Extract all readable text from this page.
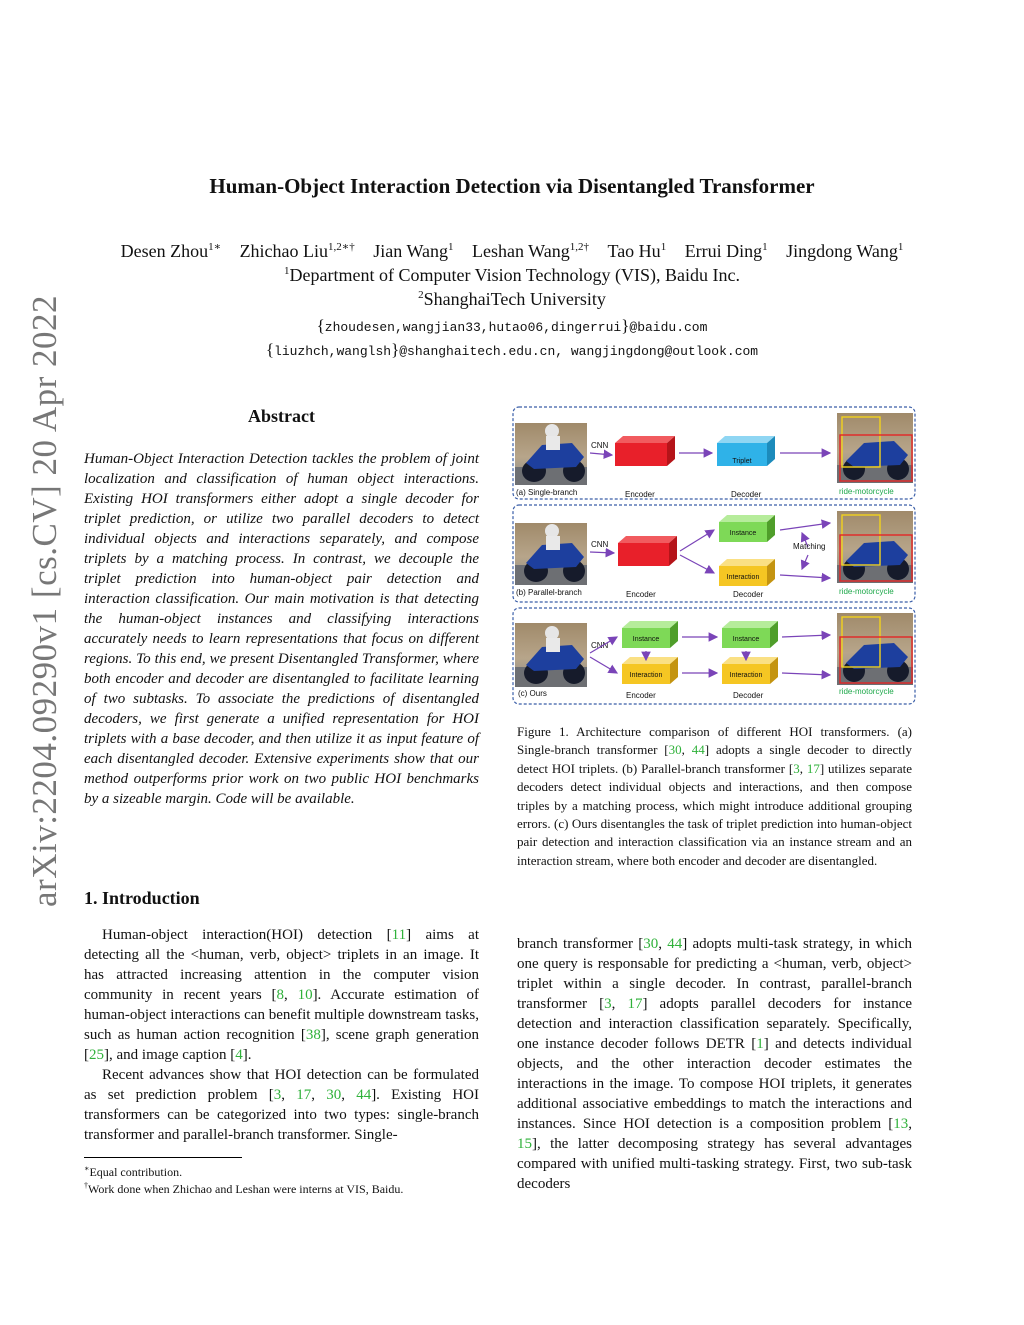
arXiv:2204.09290v1 [cs.CV] 20 Apr 2022
Human-Object Interaction Detection via Disentangled Transformer
Desen Zhou$^{1∗}$ Zhichao Liu$^{1,2∗\dagger}$ Jian Wang$^1$ Leshan Wang$^{1,2\dagger}$ Tao Hu$^1$ Errui Ding$^1$ Jingdong Wang$^1$
$^1$Department of Computer Vision Technology (VIS), Baidu Inc.
$^2$ShanghaiTech University
{zhoudesen,wangjian33,hutao06,dingerrui}@baidu.com
{liuzhch,wanglsh}@shanghaitech.edu.cn, wangjingdong@outlook.com
Abstract
Human-Object Interaction Detection tackles the problem of joint localization and classification of human object interactions. Existing HOI transformers either adopt a single decoder for triplet prediction, or utilize two parallel decoders to detect individual objects and interactions separately, and compose triplets by a matching process. In contrast, we decouple the triplet prediction into human-object pair detection and interaction classification. Our main motivation is that detecting the human-object instances and classifying interactions accurately needs to learn representations that focus on different regions. To this end, we present Disentangled Transformer, where both encoder and decoder are disentangled to facilitate learning of two subtasks. To associate the predictions of disentangled decoders, we first generate a unified representation for HOI triplets with a base decoder, and then utilize it as input feature of each disentangled decoder. Extensive experiments show that our method outperforms prior work on two public HOI benchmarks by a sizeable margin. Code will be available.
1. Introduction

Human-object interaction(HOI) detection [11] aims at detecting all the <human, verb, object> triplets in an image. It has attracted increasing attention in the computer vision community in recent years [8, 10]. Accurate estimation of human-object interactions can benefit multiple downstream tasks, such as human action recognition [38], scene graph generation [25], and image caption [4].

Recent advances show that HOI detection can be formulated as set prediction problem [3, 17, 30, 44]. Existing HOI transformers can be categorized into two types: single-branch transformer and parallel-branch transformer. Single-

∗Equal contribution.
†Work done when Zhichao and Leshan were interns at VIS, Baidu.
branch transformer [30, 44] adopts multi-task strategy, in which one query is responsable for predicting a <human, verb, object> triplet within a single decoder. In contrast, parallel-branch transformer [3, 17] adopts parallel decoders for instance detection and interaction classification separately. Specifically, one instance decoder follows DETR [1] and detects individual objects, and the other interaction decoder estimates the interactions in the image. To compose HOI triplets, it generates additional associative embeddings to match the interactions and instances. Since HOI detection is a composition problem [13, 15], the latter decomposing strategy has several advantages compared with unified multi-tasking strategy. First, two sub-task decoders
Figure 1. Architecture comparison of different HOI transformers. (a) Single-branch transformer [30, 44] adopts a single decoder to directly detect HOI triplets. (b) Parallel-branch transformer [3, 17] utilizes separate decoders detect individual objects and interactions, and then compose triples by a matching process, which might introduce additional grouping errors. (c) Ours disentangles the task of triplet prediction into human-object pair detection and interaction classification via an instance stream and an interaction stream, where both encoder and decoder are disentangled.
CNN
Triplet
(a) Single-branch	Encoder	Decoder	ride-motorcycle
CNN
Instance
Interaction
Matching
(b) Parallel-branch	Encoder	Decoder	ride-motorcycle
CNN
Instance
Interaction
Instance
Interaction
(c) Ours	Encoder	Decoder	ride-motorcycle
